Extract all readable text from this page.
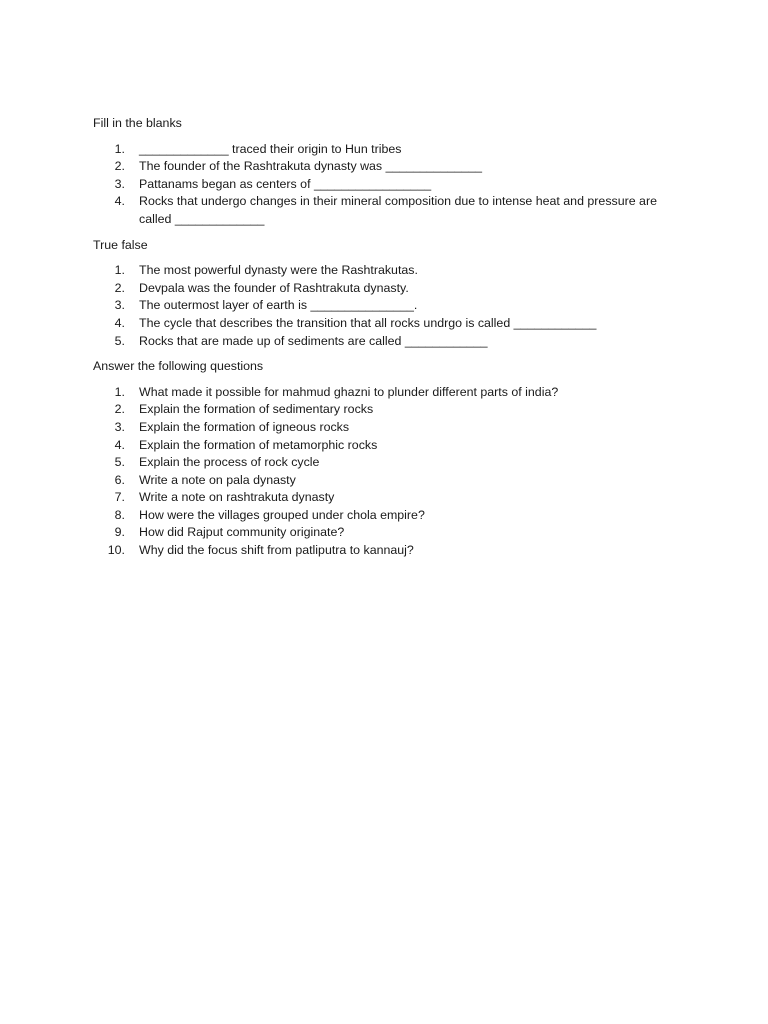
Fill in the blanks

1. _____________ traced their origin to Hun tribes
2. The founder of the Rashtrakuta dynasty was ______________
3. Pattanams began as centers of _________________
4. Rocks that undergo changes in their mineral composition due to intense heat and pressure are called _____________

True false

1. The most powerful dynasty were the Rashtrakutas.
2. Devpala was the founder of Rashtrakuta dynasty.
3. The outermost layer of earth is _______________.
4. The cycle that describes the transition that all rocks undrgo is called ____________
5. Rocks that are made up of sediments are called ____________

Answer the following questions

1. What made it possible for mahmud ghazni to plunder different parts of india?
2. Explain the formation of sedimentary rocks
3. Explain the formation of igneous rocks
4. Explain the formation of metamorphic rocks
5. Explain the process of rock cycle
6. Write a note on pala dynasty
7. Write a note on rashtrakuta dynasty
8. How were the villages grouped under chola empire?
9. How did Rajput community originate?
10. Why did the focus shift from patliputra to kannauj?
